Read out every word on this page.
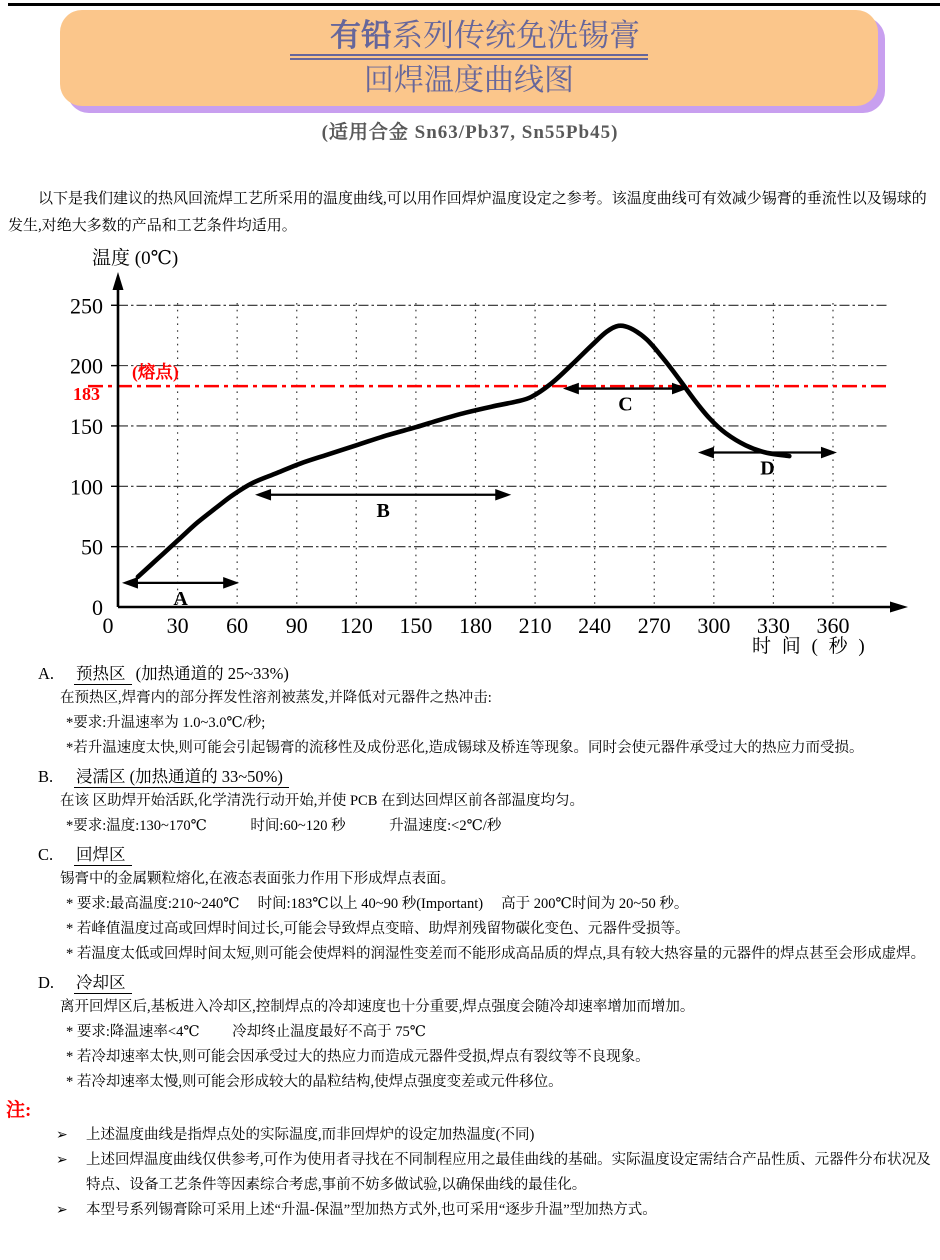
有铅系列传统免洗锡膏
回焊温度曲线图
(适用合金 Sn63/Pb37, Sn55Pb45)

以下是我们建议的热风回流焊工艺所采用的温度曲线,可以用作回焊炉温度设定之参考。该温度曲线可有效减少锡膏的垂流性以及锡球的发生,对绝大多数的产品和工艺条件均适用。

(熔点)
183
0
50
100
150
200
250
0 30 60 90 120 150 180 210 240 270 300 330 360
温度 (0℃)
时 间 ( 秒 )
A
B
C
D
A. 预热区 (加热通道的 25~33%)
在预热区,焊膏内的部分挥发性溶剂被蒸发,并降低对元器件之热冲击:
*要求:升温速率为 1.0~3.0℃/秒;
*若升温速度太快,则可能会引起锡膏的流移性及成份恶化,造成锡球及桥连等现象。同时会使元器件承受过大的热应力而受损。
B. 浸濡区 (加热通道的 33~50%)
在该 区助焊开始活跃,化学清洗行动开始,并使 PCB 在到达回焊区前各部温度均匀。
*要求:温度:130~170℃　　　时间:60~120 秒　　　升温速度:<2℃/秒
C. 回焊区
锡膏中的金属颗粒熔化,在液态表面张力作用下形成焊点表面。
* 要求:最高温度:210~240℃　 时间:183℃以上 40~90 秒(Important)　 高于 200℃时间为 20~50 秒。
* 若峰值温度过高或回焊时间过长,可能会导致焊点变暗、助焊剂残留物碳化变色、元器件受损等。
* 若温度太低或回焊时间太短,则可能会使焊料的润湿性变差而不能形成高品质的焊点,具有较大热容量的元器件的焊点甚至会形成虚焊。
D. 冷却区
离开回焊区后,基板进入冷却区,控制焊点的冷却速度也十分重要,焊点强度会随冷却速率增加而增加。
* 要求:降温速率<4℃　　 冷却终止温度最好不高于 75℃
* 若冷却速率太快,则可能会因承受过大的热应力而造成元器件受损,焊点有裂纹等不良现象。
* 若冷却速率太慢,则可能会形成较大的晶粒结构,使焊点强度变差或元件移位。
注:
➢ 上述温度曲线是指焊点处的实际温度,而非回焊炉的设定加热温度(不同)
➢ 上述回焊温度曲线仅供参考,可作为使用者寻找在不同制程应用之最佳曲线的基础。实际温度设定需结合产品性质、元器件分布状况及特点、设备工艺条件等因素综合考虑,事前不妨多做试验,以确保曲线的最佳化。
➢ 本型号系列锡膏除可采用上述“升温-保温”型加热方式外,也可采用“逐步升温”型加热方式。
